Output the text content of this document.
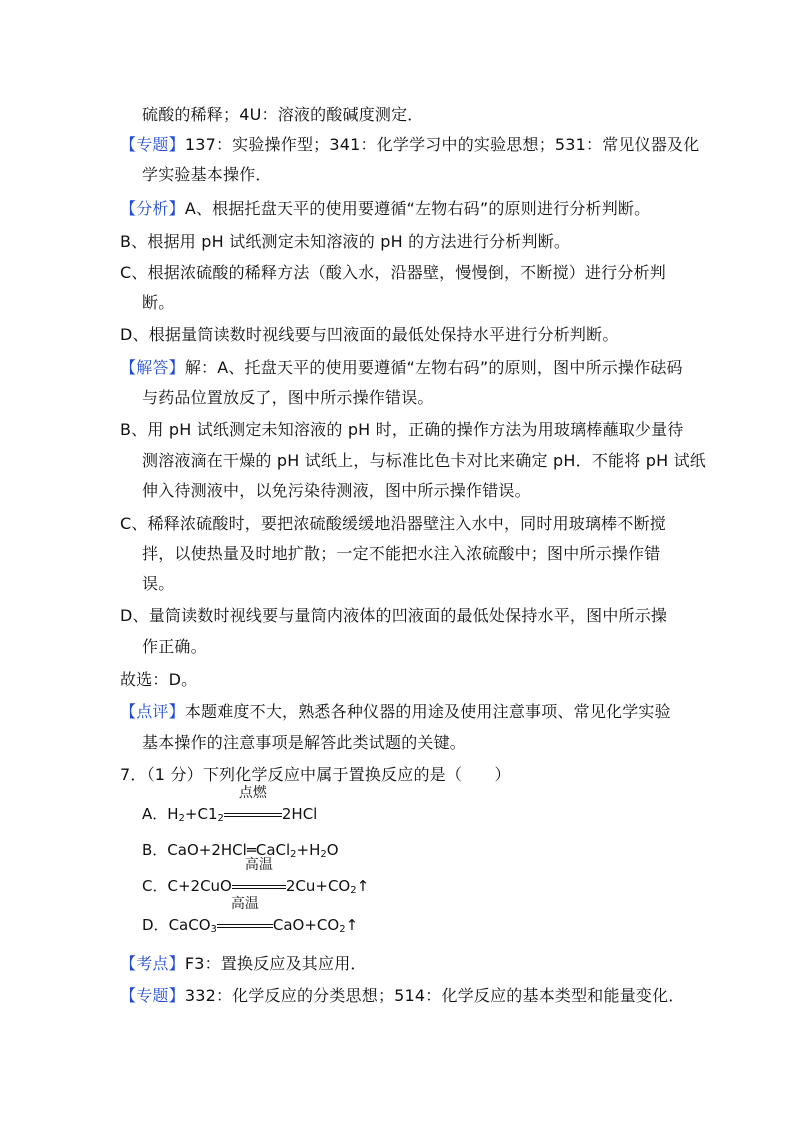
硫酸的稀释；4U：溶液的酸碱度测定．
【专题】137：实验操作型；341：化学学习中的实验思想；531：常见仪器及化
学实验基本操作．
【分析】A、根据托盘天平的使用要遵循“左物右码”的原则进行分析判断。
B、根据用 pH 试纸测定未知溶液的 pH 的方法进行分析判断。
C、根据浓硫酸的稀释方法（酸入水，沿器壁，慢慢倒，不断搅）进行分析判
断。
D、根据量筒读数时视线要与凹液面的最低处保持水平进行分析判断。
【解答】解：A、托盘天平的使用要遵循“左物右码”的原则，图中所示操作砝码
与药品位置放反了，图中所示操作错误。
B、用 pH 试纸测定未知溶液的 pH 时，正确的操作方法为用玻璃棒蘸取少量待
测溶液滴在干燥的 pH 试纸上，与标准比色卡对比来确定 pH．不能将 pH 试纸
伸入待测液中，以免污染待测液，图中所示操作错误。
C、稀释浓硫酸时，要把浓硫酸缓缓地沿器壁注入水中，同时用玻璃棒不断搅
拌，以使热量及时地扩散；一定不能把水注入浓硫酸中；图中所示操作错
误。
D、量筒读数时视线要与量筒内液体的凹液面的最低处保持水平，图中所示操
作正确。
故选：D。
【点评】本题难度不大，熟悉各种仪器的用途及使用注意事项、常见化学实验
基本操作的注意事项是解答此类试题的关键。
7．（1 分）下列化学反应中属于置换反应的是（　　）
A．$H_2+C1_2$
点燃
2HCl
B．$CaO+2HCl═CaCl_2+H_2O$
C．C+2CuO
高温
$2Cu+CO_2↑$
D．CaCO$_3$
高温
$CaO+CO_2↑$
【考点】F3：置换反应及其应用．
【专题】332：化学反应的分类思想；514：化学反应的基本类型和能量变化．
